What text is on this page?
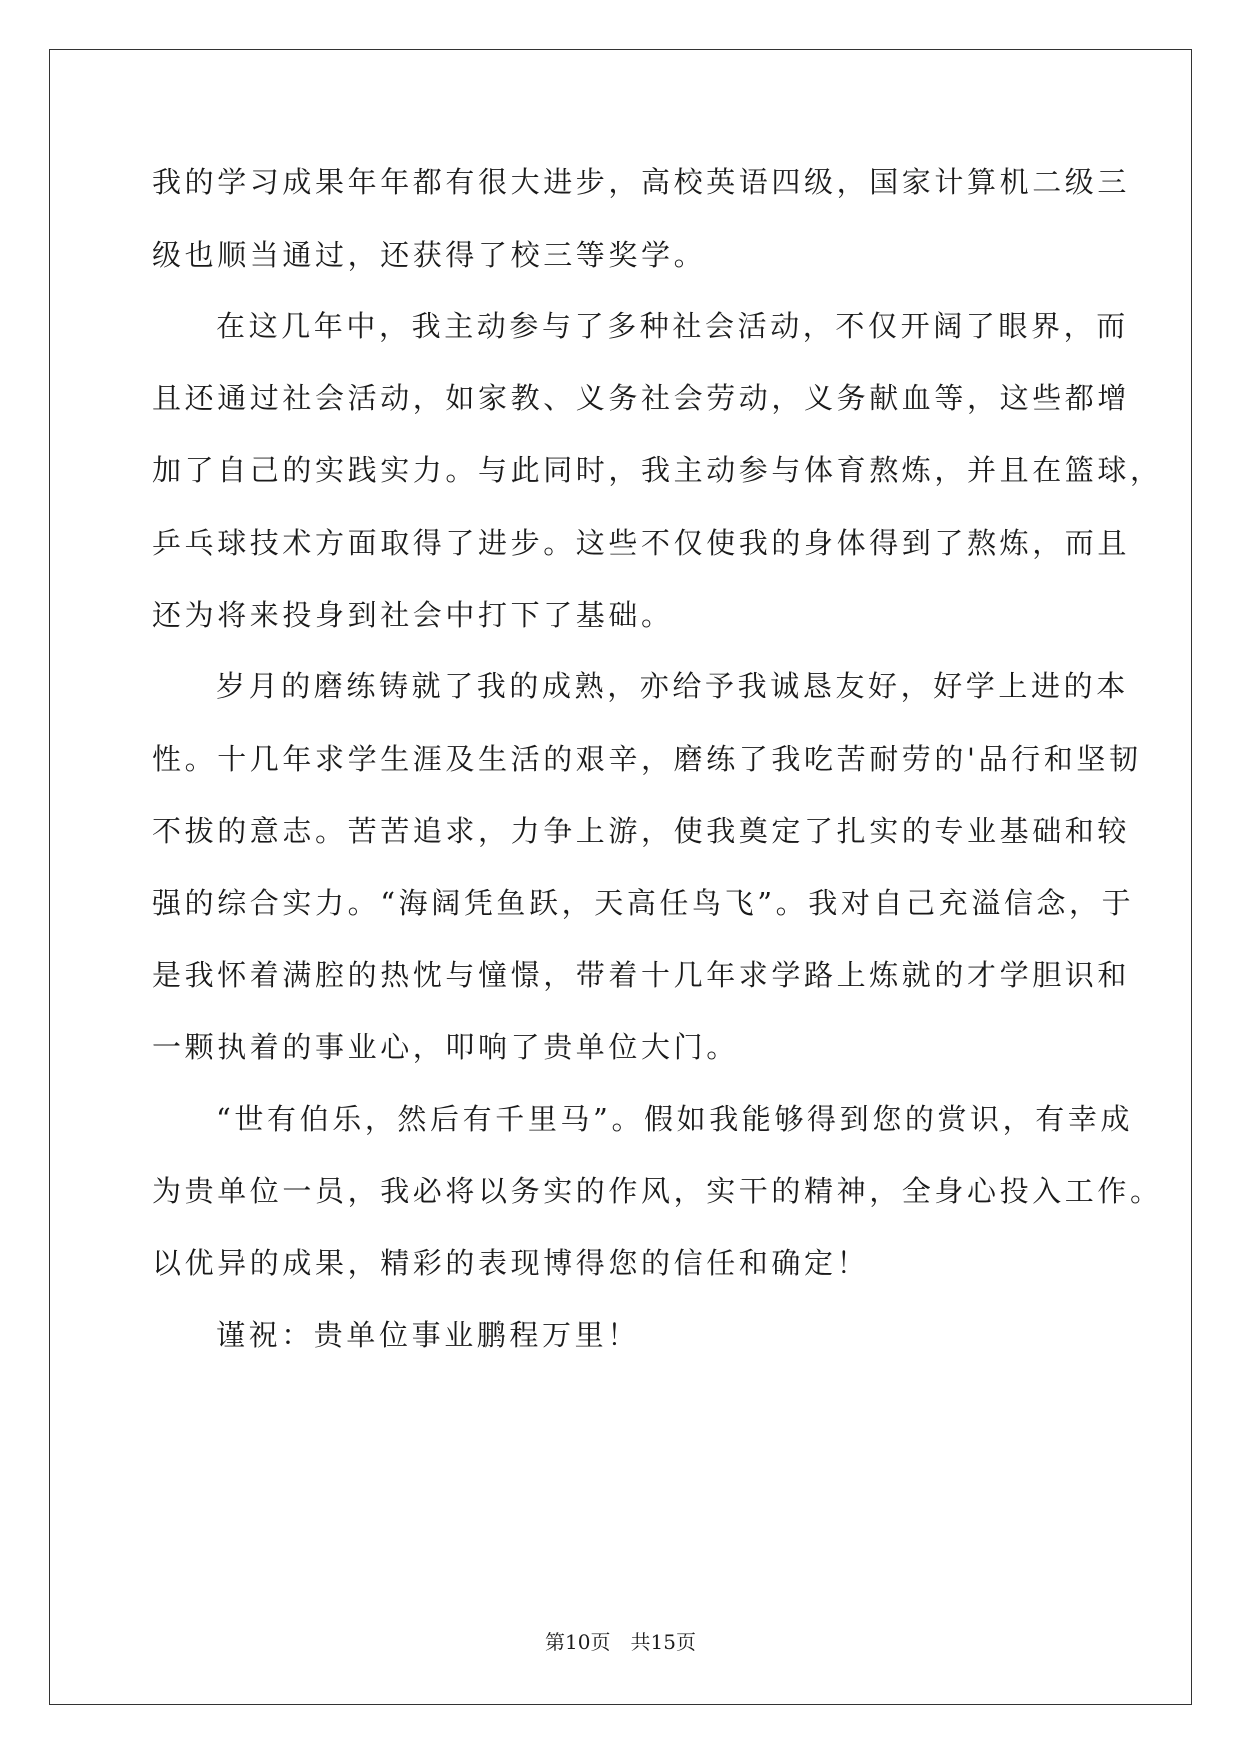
我的学习成果年年都有很大进步，高校英语四级，国家计算机二级三
级也顺当通过，还获得了校三等奖学。
在这几年中，我主动参与了多种社会活动，不仅开阔了眼界，而
且还通过社会活动，如家教、义务社会劳动，义务献血等，这些都增
加了自己的实践实力。与此同时，我主动参与体育熬炼，并且在篮球，
乒乓球技术方面取得了进步。这些不仅使我的身体得到了熬炼，而且
还为将来投身到社会中打下了基础。
岁月的磨练铸就了我的成熟，亦给予我诚恳友好，好学上进的本
性。十几年求学生涯及生活的艰辛，磨练了我吃苦耐劳的'品行和坚韧
不拔的意志。苦苦追求，力争上游，使我奠定了扎实的专业基础和较
强的综合实力。“海阔凭鱼跃，天高任鸟飞”。我对自己充溢信念，于
是我怀着满腔的热忱与憧憬，带着十几年求学路上炼就的才学胆识和
一颗执着的事业心，叩响了贵单位大门。
“世有伯乐，然后有千里马”。假如我能够得到您的赏识，有幸成
为贵单位一员，我必将以务实的作风，实干的精神，全身心投入工作。
以优异的成果，精彩的表现博得您的信任和确定！
谨祝：贵单位事业鹏程万里！
第10页　共15页
